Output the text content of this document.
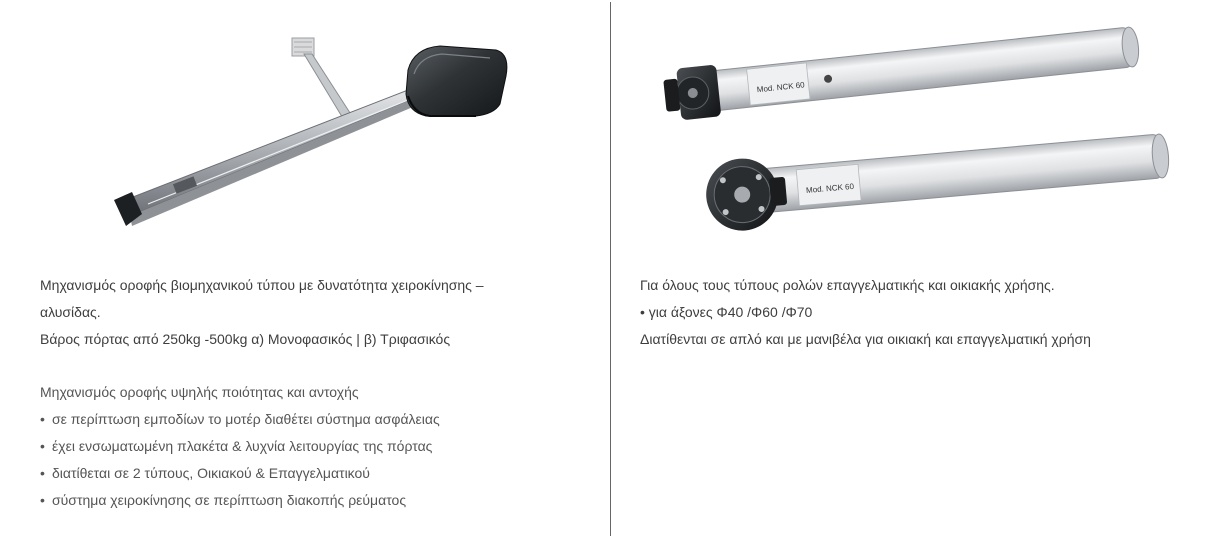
Μηχανισμός οροφής βιομηχανικού τύπου με δυνατότητα χειροκίνησης –

αλυσίδας.

Βάρος πόρτας από 250kg -500kg α) Μονοφασικός | β) Τριφασικός

Μηχανισμός οροφής υψηλής ποιότητας και αντοχής

• σε περίπτωση εμποδίων το μοτέρ διαθέτει σύστημα ασφάλειας
• έχει ενσωματωμένη πλακέτα & λυχνία λειτουργίας της πόρτας
• διατίθεται σε 2 τύπους, Οικιακού & Επαγγελματικού
• σύστημα χειροκίνησης σε περίπτωση διακοπής ρεύματος
Mod. NCK 60
Mod. NCK 60

Για όλους τους τύπους ρολών επαγγελματικής και οικιακής χρήσης.

• για άξονες Φ40 /Φ60 /Φ70

Διατίθενται σε απλό και με μανιβέλα για οικιακή και επαγγελματική χρήση
